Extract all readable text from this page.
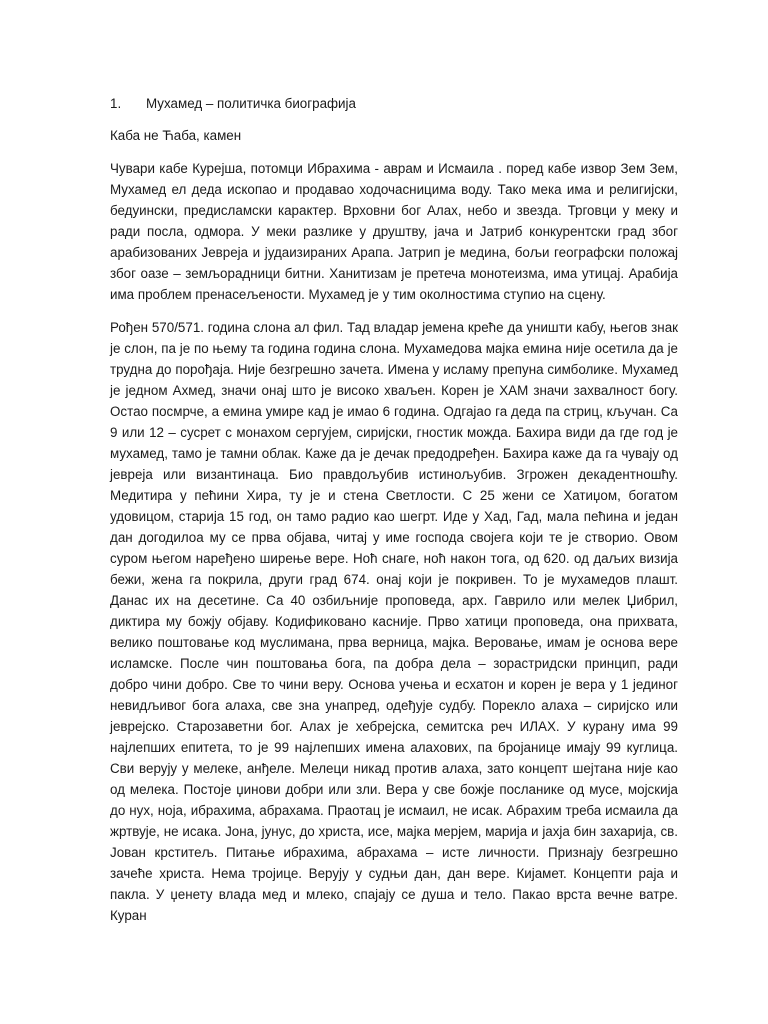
1.	Мухамед – политичка биографија
Каба не Ћаба, камен

Чувари кабе Курејша, потомци Ибрахима - аврам и Исмаила . поред кабе извор Зем Зем, Мухамед ел деда ископао и продавао ходочасницима воду. Тако мека има и религијски, бедуински, предисламски карактер. Врховни бог Алах, небо и звезда. Трговци у меку и ради посла, одмора. У меки разлике у друштву, јача и Јатриб конкурентски град због арабизованих Јевреја и јудаизираних Арапа. Јатрип је медина, бољи географски положај због оазе – земљорадници битни. Ханитизам је претеча монотеизма, има утицај. Арабија има проблем пренасељености. Мухамед је у тим околностима ступио на сцену.

Рођен 570/571. година слона ал фил. Тад владар јемена креће да уништи кабу, његов знак је слон, па је по њему та година година слона. Мухамедова мајка емина није осетила да је трудна до порођаја. Није безгрешно зачета. Имена у исламу препуна симболике. Мухамед је једном Ахмед, значи онај што је високо хваљен. Корен је ХАМ значи захвалност богу. Остао посмрче, а емина умире кад је имао 6 година. Одгајао га деда па стриц, кључан. Са 9 или 12 – сусрет с монахом сергујем, сиријски, гностик можда. Бахира види да где год је мухамед, тамо је тамни облак. Каже да је дечак предодређен. Бахира каже да га чувају од јевреја или византинаца. Био правдољубив истинољубив. Згрожен декадентношћу. Медитира у пећини Хира, ту је и стена Светлости. С 25 жени се Хатиџом, богатом удовицом, старија 15 год, он тамо радио као шегрт. Иде у Хад, Гад, мала пећина и један дан догодилоа му се прва објава, читај у име господа својега који те је створио. Овом суром његом наређено ширење вере. Ноћ снаге, ноћ након тога, од 620. од даљих визија бежи, жена га покрила, други град 674. онај који је покривен. То је мухамедов плашт. Данас их на десетине. Са 40 озбиљније проповеда, арх. Гаврило или мелек Џибрил, диктира му божју објаву. Кодификовано касније. Прво хатици проповеда, она прихвата, велико поштовање код муслимана, прва верница, мајка. Веровање, имам је основа вере исламске. После чин поштовања бога, па добра дела – зорастридски принцип, ради добро чини добро. Све то чини веру. Основа учења и есхатон и корен је вера у 1 јединог невидљивог бога алаха, све зна унапред, одеђује судбу. Порекло алаха – сиријско или јеврејско. Старозаветни бог. Алах је хебрејска, семитска реч ИЛАХ. У курану има 99 најлепших епитета, то је 99 најлепших имена алахових, па бројанице имају 99 куглица. Сви верују у мелеке, анђеле. Мелеци никад против алаха, зато концепт шејтана није као од мелека. Постоје џинови добри или зли. Вера у све божје посланике од мусе, мојскија до нух, ноја, ибрахима, абрахама. Праотац је исмаил, не исак. Абрахим треба исмаила да жртвује, не исака. Јона, јунус, до христа, исе, мајка мерјем, марија и јахја бин захарија, св. Јован крститељ. Питање ибрахима, абрахама – исте личности. Признају безгрешно зачеће христа. Нема тројице. Верују у судњи дан, дан вере. Кијамет. Концепти раја и пакла. У џенету влада мед и млеко, спајају се душа и тело. Пакао врста вечне ватре. Куран
